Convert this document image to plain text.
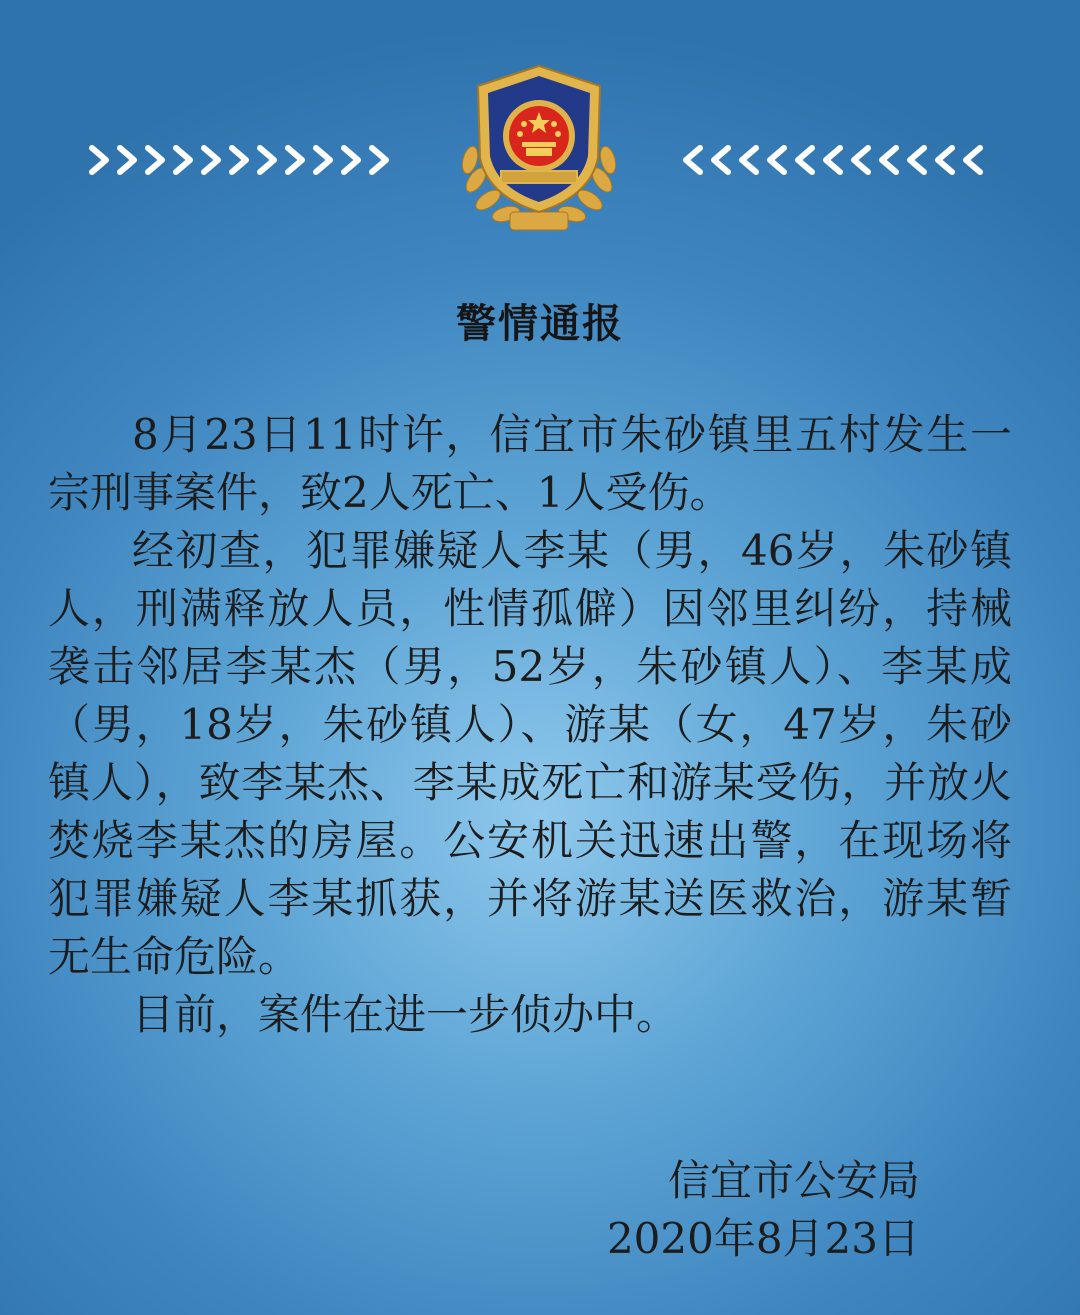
警情通报

8月23日11时许，信宜市朱砂镇里五村发生一宗刑事案件，致2人死亡、1人受伤。

经初查，犯罪嫌疑人李某（男，46岁，朱砂镇人，刑满释放人员，性情孤僻）因邻里纠纷，持械袭击邻居李某杰（男，52岁，朱砂镇人）、李某成（男，18岁，朱砂镇人）、游某（女，47岁，朱砂镇人），致李某杰、李某成死亡和游某受伤，并放火焚烧李某杰的房屋。公安机关迅速出警，在现场将犯罪嫌疑人李某抓获，并将游某送医救治，游某暂无生命危险。

目前，案件在进一步侦办中。

信宜市公安局
2020年8月23日
